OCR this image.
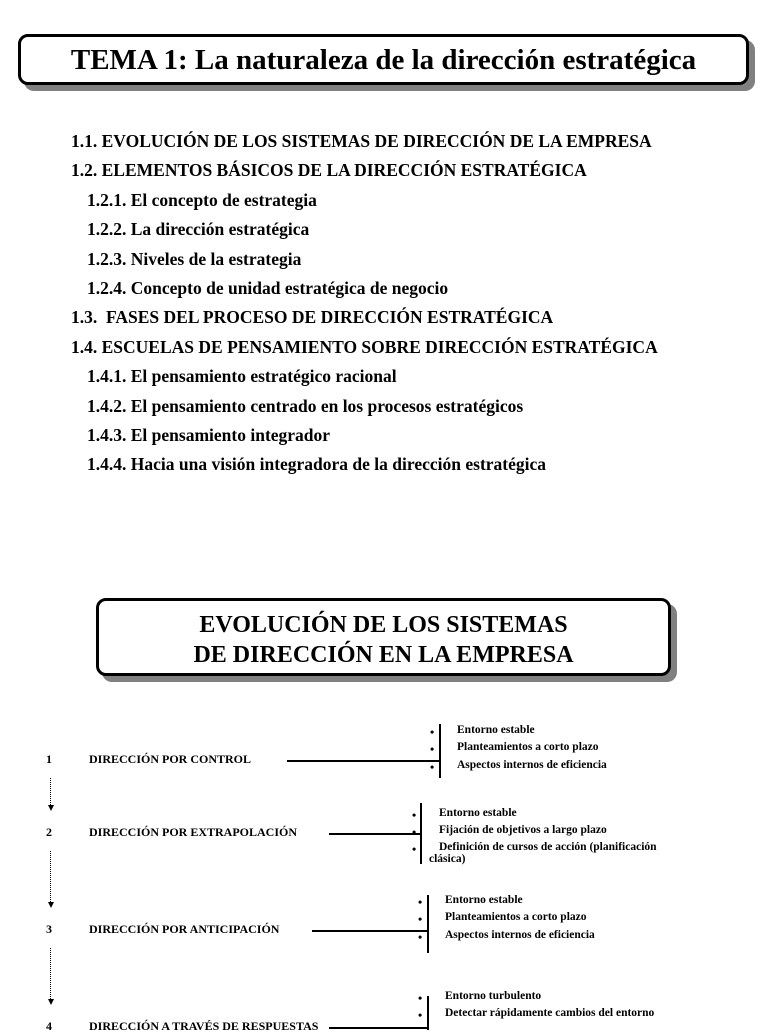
TEMA 1: La naturaleza de la dirección estratégica
1.1. EVOLUCIÓN DE LOS SISTEMAS DE DIRECCIÓN DE LA EMPRESA
1.2. ELEMENTOS BÁSICOS DE LA DIRECCIÓN ESTRATÉGICA
1.2.1. El concepto de estrategia
1.2.2. La dirección estratégica
1.2.3. Niveles de la estrategia
1.2.4. Concepto de unidad estratégica de negocio
1.3.  FASES DEL PROCESO DE DIRECCIÓN ESTRATÉGICA
1.4. ESCUELAS DE PENSAMIENTO SOBRE DIRECCIÓN ESTRATÉGICA
1.4.1. El pensamiento estratégico racional
1.4.2. El pensamiento centrado en los procesos estratégicos
1.4.3. El pensamiento integrador
1.4.4. Hacia una visión integradora de la dirección estratégica
EVOLUCIÓN DE LOS SISTEMAS
DE DIRECCIÓN EN LA EMPRESA
1	DIRECCIÓN POR CONTROL
• Entorno estable
• Planteamientos a corto plazo
• Aspectos internos de eficiencia
2	DIRECCIÓN POR EXTRAPOLACIÓN
• Entorno estable
• Fijación de objetivos a largo plazo
• Definición de cursos de acción (planificación
clásica)
3	DIRECCIÓN POR ANTICIPACIÓN
• Entorno estable
• Planteamientos a corto plazo
• Aspectos internos de eficiencia
4	DIRECCIÓN A TRAVÉS DE RESPUESTAS
• Entorno turbulento
• Detectar rápidamente cambios del entorno
